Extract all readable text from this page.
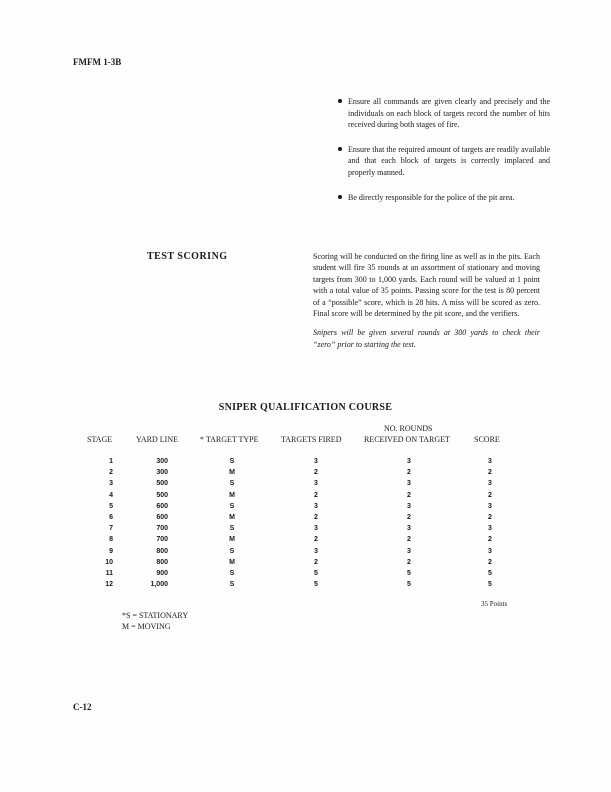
FMFM 1-3B
Ensure all commands are given clearly and precisely and the individuals on each block of targets record the number of hits received during both stages of fire.
Ensure that the required amount of targets are readily available and that each block of targets is correctly implaced and properly manned.
Be directly responsible for the police of the pit area.
TEST SCORING	Scoring will be conducted on the firing line as well as in the pits. Each student will fire 35 rounds at an assortment of stationary and moving targets from 300 to 1,000 yards. Each round will be valued at 1 point with a total value of 35 points. Passing score for the test is 80 percent of a “possible” score, which is 28 hits. A miss will be scored as zero. Final score will be determined by the pit score, and the verifiers.

Snipers will be given several rounds at 300 yards to check their “zero” prior to starting the test.

SNIPER QUALIFICATION COURSE
STAGE	YARD LINE	* TARGET TYPE	TARGETS FIRED
NO. ROUNDS
RECEIVED ON TARGET	SCORE
1	300	S	3	3	3
2	300	M	2	2	2
3	500	S	3	3	3
4	500	M	2	2	2
5	600	S	3	3	3
6	600	M	2	2	2
7	700	S	3	3	3
8	700	M	2	2	2
9	800	S	3	3	3
10	800	M	2	2	2
11	900	S	5	5	5
12	1,000	S	5	5	5
35 Points
*S = STATIONARY
M = MOVING
C-12
